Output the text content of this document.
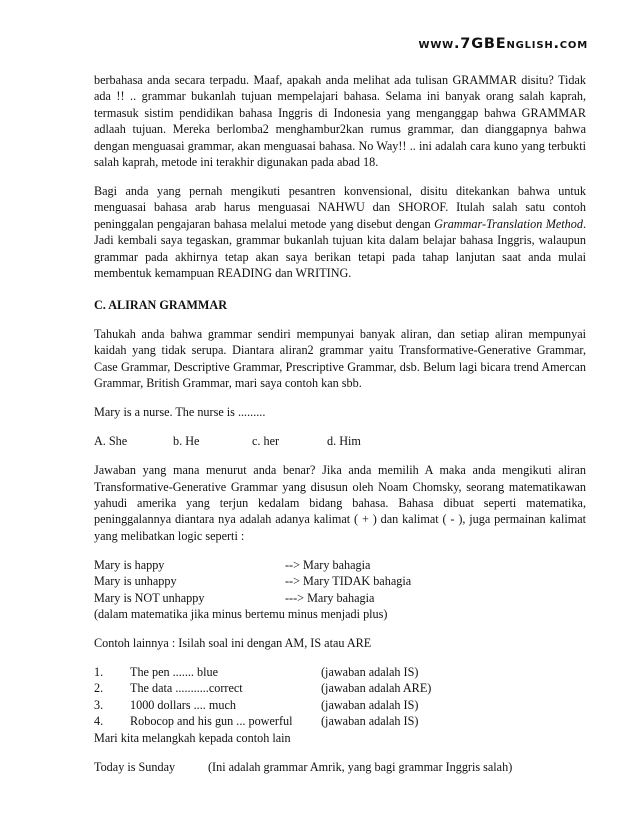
www.7GBEnglish.com

berbahasa anda secara terpadu. Maaf, apakah anda melihat ada tulisan GRAMMAR disitu? Tidak ada !! .. grammar bukanlah tujuan mempelajari bahasa. Selama ini banyak orang salah kaprah, termasuk sistim pendidikan bahasa Inggris di Indonesia yang menganggap bahwa GRAMMAR adlaah tujuan. Mereka berlomba2 menghambur2kan rumus grammar, dan dianggapnya bahwa dengan menguasai grammar, akan menguasai bahasa. No Way!! .. ini adalah cara kuno yang terbukti salah kaprah, metode ini terakhir digunakan pada abad 18.

Bagi anda yang pernah mengikuti pesantren konvensional, disitu ditekankan bahwa untuk menguasai bahasa arab harus menguasai NAHWU dan SHOROF. Itulah salah satu contoh peninggalan pengajaran bahasa melalui metode yang disebut dengan Grammar-Translation Method. Jadi kembali saya tegaskan, grammar bukanlah tujuan kita dalam belajar bahasa Inggris, walaupun grammar pada akhirnya tetap akan saya berikan tetapi pada tahap lanjutan saat anda mulai membentuk kemampuan READING dan WRITING.

C. ALIRAN GRAMMAR

Tahukah anda bahwa grammar sendiri mempunyai banyak aliran, dan setiap aliran mempunyai kaidah yang tidak serupa. Diantara aliran2 grammar yaitu Transformative-Generative Grammar, Case Grammar, Descriptive Grammar, Prescriptive Grammar, dsb. Belum lagi bicara trend Amercan Grammar, British Grammar, mari saya contoh kan sbb.

Mary is a nurse. The nurse is .........

A. She	b. He	c. her	d. Him

Jawaban yang mana menurut anda benar? Jika anda memilih A maka anda mengikuti aliran Transformative-Generative Grammar yang disusun oleh Noam Chomsky, seorang matematikawan yahudi amerika yang terjun kedalam bidang bahasa. Bahasa dibuat seperti matematika, peninggalannya diantara nya adalah adanya kalimat ( + ) dan kalimat ( - ), juga permainan kalimat yang melibatkan logic seperti :

Mary is happy	--> Mary bahagia
Mary is unhappy	--> Mary TIDAK bahagia
Mary is NOT unhappy	---> Mary bahagia

(dalam matematika jika minus bertemu minus menjadi plus)

Contoh lainnya : Isilah soal ini dengan AM, IS atau ARE

1.	The pen ....... blue	(jawaban adalah IS)
2.	The data ...........correct	(jawaban adalah ARE)
3.	1000 dollars .... much	(jawaban adalah IS)
4.	Robocop and his gun ... powerful	(jawaban adalah IS)

Mari kita melangkah kepada contoh lain

Today is Sunday	(Ini adalah grammar Amrik, yang bagi grammar Inggris salah)
